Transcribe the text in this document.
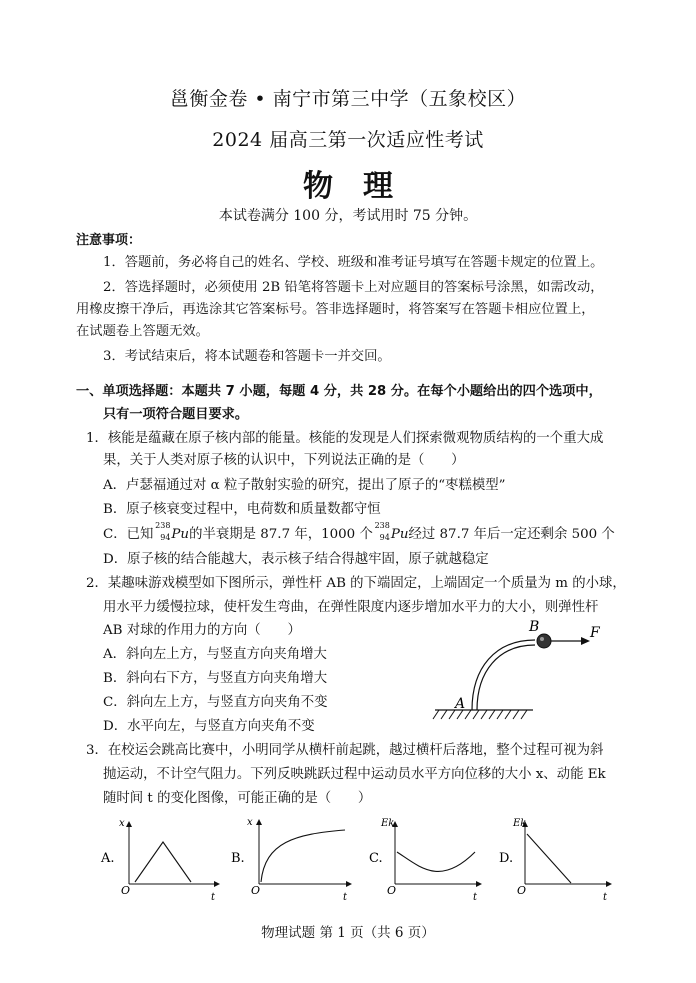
邕衡金卷 • 南宁市第三中学（五象校区）
2024 届高三第一次适应性考试
物理
本试卷满分 100 分，考试用时 75 分钟。
注意事项：
1．答题前，务必将自己的姓名、学校、班级和准考证号填写在答题卡规定的位置上。
2．答选择题时，必须使用 2B 铅笔将答题卡上对应题目的答案标号涂黑，如需改动，
用橡皮擦干净后，再选涂其它答案标号。答非选择题时，将答案写在答题卡相应位置上，
在试题卷上答题无效。
3．考试结束后，将本试题卷和答题卡一并交回。
一、单项选择题：本题共 7 小题，每题 4 分，共 28 分。在每个小题给出的四个选项中，
只有一项符合题目要求。
1．核能是蕴藏在原子核内部的能量。核能的发现是人们探索微观物质结构的一个重大成
果，关于人类对原子核的认识中，下列说法正确的是（　　）
A．卢瑟福通过对 α 粒子散射实验的研究，提出了原子的“枣糕模型”
B．原子核衰变过程中，电荷数和质量数都守恒
C．已知
238
94 Pu的半衰期是 87.7 年，1000 个
238
94 Pu经过 87.7 年后一定还剩余 500 个
D．原子核的结合能越大，表示核子结合得越牢固，原子就越稳定
2．某趣味游戏模型如下图所示，弹性杆 AB 的下端固定，上端固定一个质量为 m 的小球，
用水平力缓慢拉球，使杆发生弯曲，在弹性限度内逐步增加水平力的大小，则弹性杆
AB 对球的作用力的方向（　　）
A．斜向左上方，与竖直方向夹角增大
B．斜向右下方，与竖直方向夹角增大
C．斜向左上方，与竖直方向夹角不变
D．水平向左，与竖直方向夹角不变
A
B	F
3．在校运会跳高比赛中，小明同学从横杆前起跳，越过横杆后落地，整个过程可视为斜
抛运动，不计空气阻力。下列反映跳跃过程中运动员水平方向位移的大小 x、动能 Ek
随时间 t 的变化图像，可能正确的是（　　）
A.
x
t
O
B.
x
t
O
C.
Ek
t
O
D.
Ek
t
O
物理试题 第 1 页（共 6 页）
